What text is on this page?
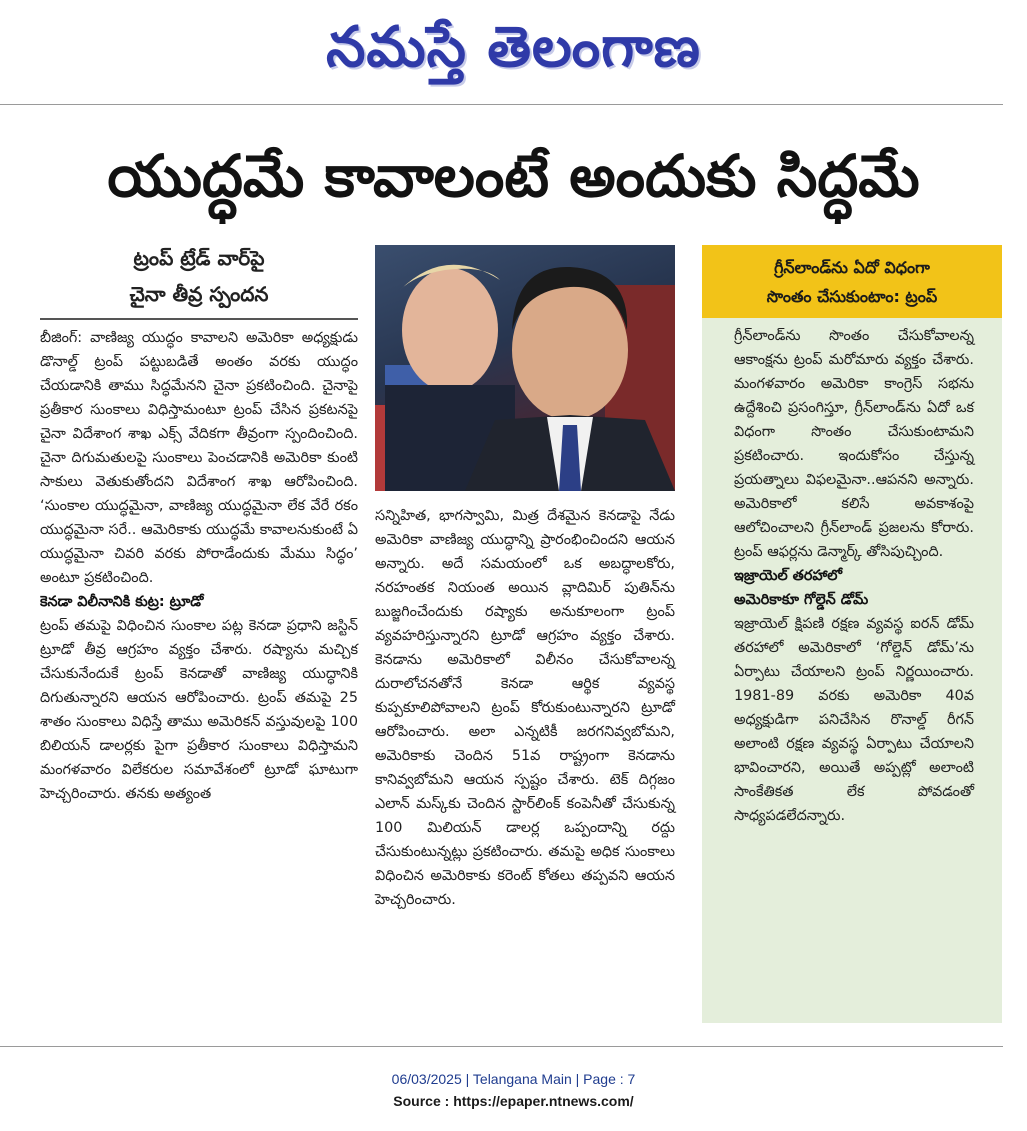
నమస్తే తెలంగాణ
యుద్ధమే కావాలంటే అందుకు సిద్ధమే
ట్రంప్ ట్రేడ్ వార్‌పై
చైనా తీవ్ర స్పందన

బీజింగ్: వాణిజ్య యుద్ధం కావాలని అమెరికా అధ్యక్షుడు డొనాల్డ్ ట్రంప్ పట్టుబడితే అంతం వరకు యుద్ధం చేయడానికి తాము సిద్ధమేనని చైనా ప్రకటించింది. చైనాపై ప్రతీకార సుంకాలు విధిస్తామంటూ ట్రంప్ చేసిన ప్రకటనపై చైనా విదేశాంగ శాఖ ఎక్స్ వేదికగా తీవ్రంగా స్పందించింది. చైనా దిగుమతులపై సుంకాలు పెంచడానికి అమెరికా కుంటి సాకులు వెతుకుతోందని విదేశాంగ శాఖ ఆరోపించింది. ‘సుంకాల యుద్ధమైనా, వాణిజ్య యుద్ధమైనా లేక వేరే రకం యుద్ధమైనా సరే.. ఆమెరికాకు యుద్ధమే కావాలనుకుంటే ఏ యుద్ధమైనా చివరి వరకు పోరాడేందుకు మేము సిద్ధం’ అంటూ ప్రకటించింది.

కెనడా విలీనానికి కుట్ర: ట్రూడో

ట్రంప్ తమపై విధించిన సుంకాల పట్ల కెనడా ప్రధాని జస్టిన్ ట్రూడో తీవ్ర ఆగ్రహం వ్యక్తం చేశారు. రష్యాను మచ్చిక చేసుకునేందుకే ట్రంప్ కెనడాతో వాణిజ్య యుద్ధానికి దిగుతున్నారని ఆయన ఆరోపించారు. ట్రంప్ తమపై 25 శాతం సుంకాలు విధిస్తే తాము అమెరికన్ వస్తువులపై 100 బిలియన్ డాలర్లకు పైగా ప్రతీకార సుంకాలు విధిస్తామని మంగళవారం విలేకరుల సమావేశంలో ట్రూడో ఘాటుగా హెచ్చరించారు. తనకు అత్యంత

సన్నిహిత, భాగస్వామి, మిత్ర దేశమైన కెనడాపై నేడు అమెరికా వాణిజ్య యుద్ధాన్ని ప్రారంభించిందని ఆయన అన్నారు. అదే సమయంలో ఒక అబద్ధాలకోరు, నరహంతక నియంత అయిన వ్లాదిమిర్ పుతిన్‌ను బుజ్జగించేందుకు రష్యాకు అనుకూలంగా ట్రంప్ వ్యవహరిస్తున్నారని ట్రూడో ఆగ్రహం వ్యక్తం చేశారు. కెనడాను అమెరికాలో విలీనం చేసుకోవాలన్న దురాలోచనతోనే కెనడా ఆర్థిక వ్యవస్థ కుప్పకూలిపోవాలని ట్రంప్ కోరుకుంటున్నారని ట్రూడో ఆరోపించారు. అలా ఎన్నటికీ జరగనివ్వబోమని, అమెరికాకు చెందిన 51వ రాష్ట్రంగా కెనడాను కానివ్వబోమని ఆయన స్పష్టం చేశారు. టెక్ దిగ్గజం ఎలాన్ మస్క్‌కు చెందిన స్టార్‌లింక్ కంపెనీతో చేసుకున్న 100 మిలియన్ డాలర్ల ఒప్పందాన్ని రద్దు చేసుకుంటున్నట్లు ప్రకటించారు. తమపై అధిక సుంకాలు విధించిన అమెరికాకు కరెంట్ కోతలు తప్పవని ఆయన హెచ్చరించారు.

గ్రీన్‌లాండ్‌ను ఏదో విధంగా
సొంతం చేసుకుంటాం: ట్రంప్

గ్రీన్‌లాండ్‌ను సొంతం చేసుకోవాలన్న ఆకాంక్షను ట్రంప్ మరోమారు వ్యక్తం చేశారు. మంగళవారం అమెరికా కాంగ్రెస్ సభను ఉద్దేశించి ప్రసంగిస్తూ, గ్రీన్‌లాండ్‌ను ఏదో ఒక విధంగా సొంతం చేసుకుంటామని ప్రకటించారు. ఇందుకోసం చేస్తున్న ప్రయత్నాలు విఫలమైనా..ఆపనని అన్నారు. అమెరికాలో కలిసే అవకాశంపై ఆలోచించాలని గ్రీన్‌లాండ్ ప్రజలను కోరారు. ట్రంప్ ఆఫర్లను డెన్మార్క్ తోసిపుచ్చింది.

ఇజ్రాయెల్ తరహాలో

అమెరికాకూ గోల్డెన్ డోమ్

ఇజ్రాయెల్ క్షిపణి రక్షణ వ్యవస్థ ఐరన్ డోమ్ తరహాలో అమెరికాలో ‘గోల్డెన్ డోమ్’ను ఏర్పాటు చేయాలని ట్రంప్ నిర్ణయించారు. 1981-89 వరకు అమెరికా 40వ అధ్యక్షుడిగా పనిచేసిన రొనాల్డ్ రీగన్ అలాంటి రక్షణ వ్యవస్థ ఏర్పాటు చేయాలని భావించారని, అయితే అప్పట్లో అలాంటి సాంకేతికత లేక పోవడంతో సాధ్యపడలేదన్నారు.

06/03/2025 | Telangana Main | Page : 7
Source : https://epaper.ntnews.com/
